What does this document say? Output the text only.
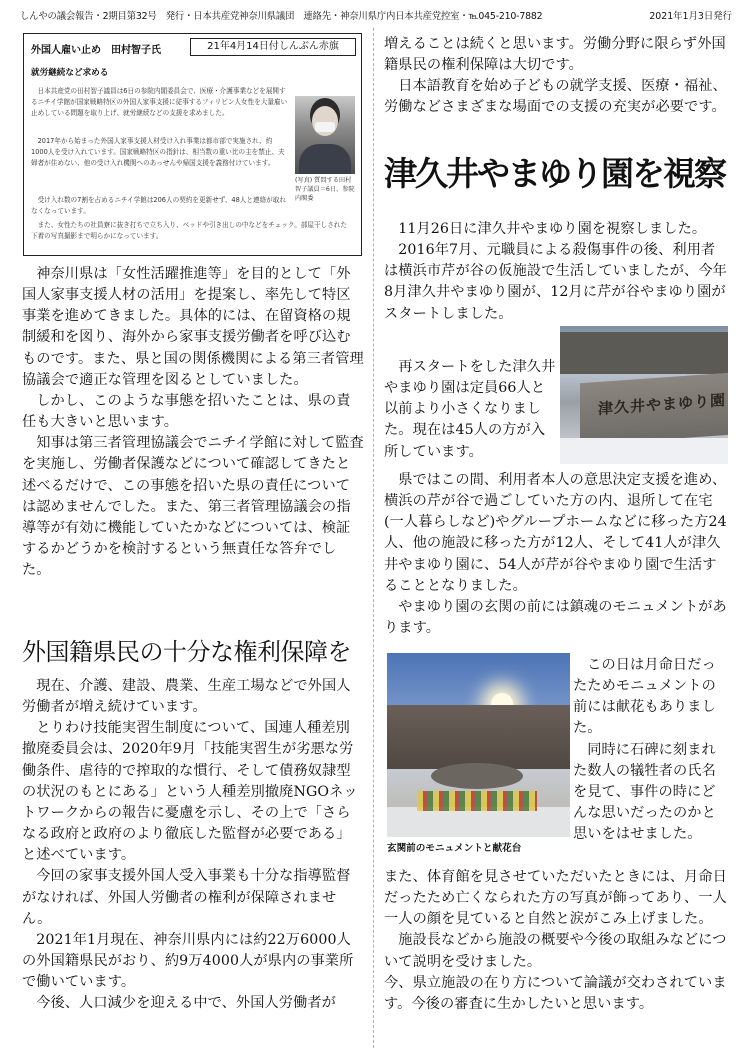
しんやの議会報告・2期目第32号　発行・日本共産党神奈川県議団　連絡先・神奈川県庁内日本共産党控室・℡045-210-7882	2021年1月3日発行
外国人雇い止め　田村智子氏	21年4月14日付しんぶん赤旗
就労継続など求める

日本共産党の田村智子議員は6日の参院内閣委員会で、医療・介護事業などを展開するニチイ学館が国家戦略特区の外国人家事支援に従事するフィリピン人女性を大量雇い止めしている問題を取り上げ、就労継続などの支援を求めました。

2017年から始まった外国人家事支援人材受け入れ事業は都市部で実施され、約1000人を受け入れています。国家戦略特区の指針は、相当数の重い比の主を禁止、夫婦者が住めない、他の受け入れ機関へのあっせんや帰国支援を義務付けています。

受け入れ数の7割を占めるニチイ学館は206人の契約を更新せず、48人と連絡が取れなくなっています。

また、女性たちの社員寮に抜き打ちで立ち入り、ベッドや引き出しの中などをチェック。部屋干しされた下着の写真撮影まで明らかになっています。

(写真) 質問する田村智子議員＝6日、参院内閣委

神奈川県は「女性活躍推進等」を目的として「外国人家事支援人材の活用」を提案し、率先して特区事業を進めてきました。具体的には、在留資格の規制緩和を図り、海外から家事支援労働者を呼び込むものです。また、県と国の関係機関による第三者管理協議会で適正な管理を図るとしていました。

しかし、このような事態を招いたことは、県の責任も大きいと思います。

知事は第三者管理協議会でニチイ学館に対して監査を実施し、労働者保護などについて確認してきたと述べるだけで、この事態を招いた県の責任については認めませんでした。また、第三者管理協議会の指導等が有効に機能していたかなどについては、検証するかどうかを検討するという無責任な答弁でした。

外国籍県民の十分な権利保障を

現在、介護、建設、農業、生産工場などで外国人労働者が増え続けています。

とりわけ技能実習生制度について、国連人種差別撤廃委員会は、2020年9月「技能実習生が劣悪な労働条件、虐待的で搾取的な慣行、そして債務奴隷型の状況のもとにある」という人種差別撤廃NGOネットワークからの報告に憂慮を示し、その上で「さらなる政府と政府のより徹底した監督が必要である」と述べています。

今回の家事支援外国人受入事業も十分な指導監督がなければ、外国人労働者の権利が保障されません。

2021年1月現在、神奈川県内には約22万6000人の外国籍県民がおり、約9万4000人が県内の事業所で働いています。

今後、人口減少を迎える中で、外国人労働者が

増えることは続くと思います。労働分野に限らず外国籍県民の権利保障は大切です。

日本語教育を始め子どもの就学支援、医療・福祉、労働などさまざまな場面での支援の充実が必要です。

津久井やまゆり園を視察

11月26日に津久井やまゆり園を視察しました。

2016年7月、元職員による殺傷事件の後、利用者は横浜市芹が谷の仮施設で生活していましたが、今年8月津久井やまゆり園が、12月に芹が谷やまゆり園がスタートしました。

津久井やまゆり園

再スタートをした津久井やまゆり園は定員66人と以前より小さくなりました。現在は45人の方が入所しています。

県ではこの間、利用者本人の意思決定支援を進め、横浜の芹が谷で過ごしていた方の内、退所して在宅(一人暮らしなど)やグループホームなどに移った方24人、他の施設に移った方が12人、そして41人が津久井やまゆり園に、54人が芹が谷やまゆり園で生活することとなりました。

やまゆり園の玄関の前には鎮魂のモニュメントがあります。

玄関前のモニュメントと献花台

この日は月命日だったためモニュメントの前には献花もありました。

同時に石碑に刻まれた数人の犠牲者の氏名を見て、事件の時にどんな思いだったのかと思いをはせました。

また、体育館を見させていただいたときには、月命日だったため亡くなられた方の写真が飾ってあり、一人一人の顔を見ていると自然と涙がこみ上げました。

施設長などから施設の概要や今後の取組みなどについて説明を受けました。

今、県立施設の在り方について論議が交わされています。今後の審査に生かしたいと思います。
